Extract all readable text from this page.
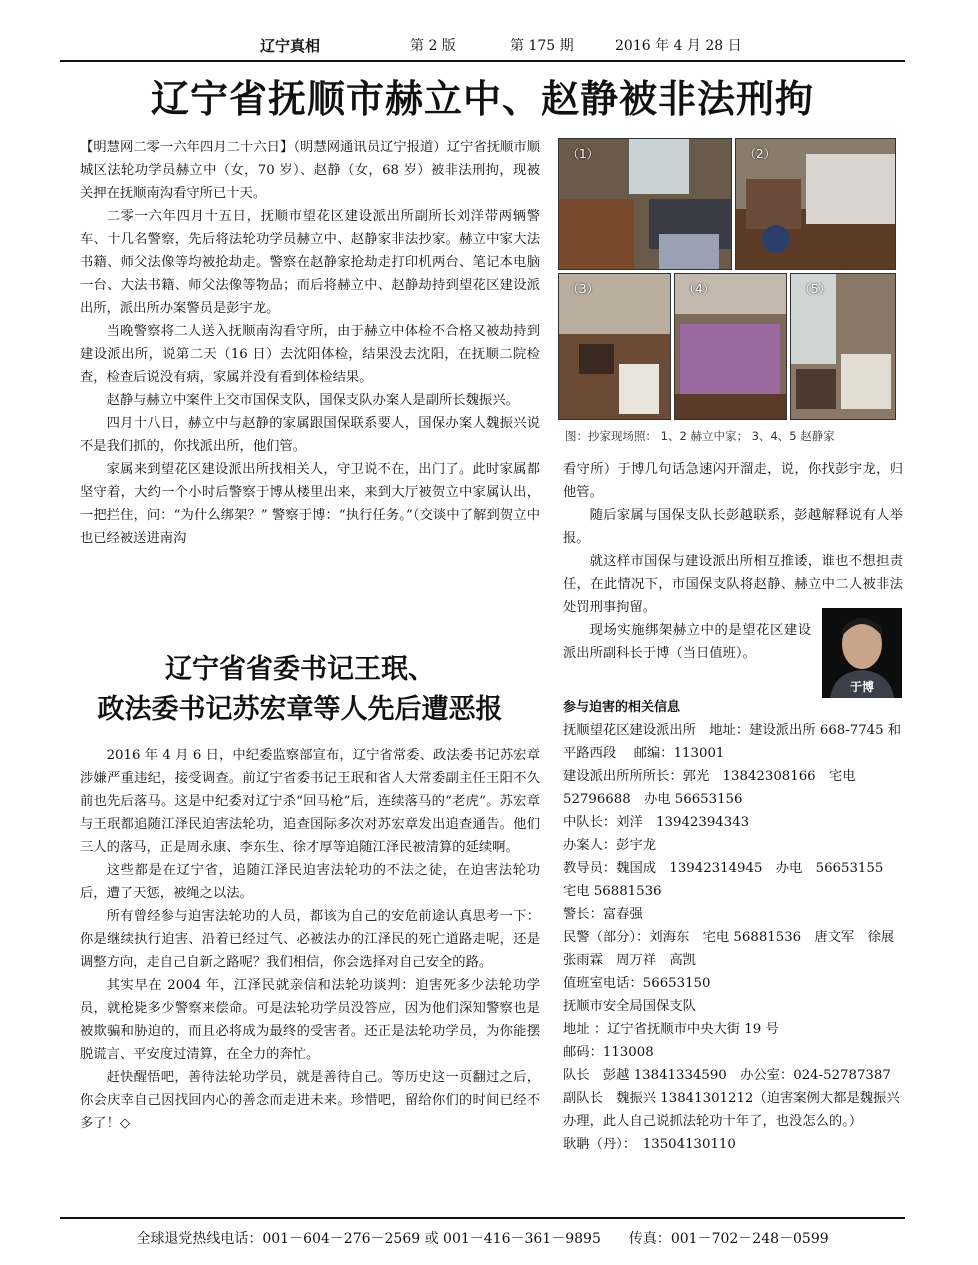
辽宁真相	第 2 版	第 175 期	2016 年 4 月 28 日
辽宁省抚顺市赫立中、赵静被非法刑拘

【明慧网二零一六年四月二十六日】（明慧网通讯员辽宁报道）辽宁省抚顺市顺城区法轮功学员赫立中（女，70 岁）、赵静（女，68 岁）被非法刑拘，现被关押在抚顺南沟看守所已十天。

二零一六年四月十五日，抚顺市望花区建设派出所副所长刘洋带两辆警车、十几名警察，先后将法轮功学员赫立中、赵静家非法抄家。赫立中家大法书籍、师父法像等均被抢劫走。警察在赵静家抢劫走打印机两台、笔记本电脑一台、大法书籍、师父法像等物品；而后将赫立中、赵静劫持到望花区建设派出所，派出所办案警员是彭宇龙。

当晚警察将二人送入抚顺南沟看守所，由于赫立中体检不合格又被劫持到建设派出所，说第二天（16 日）去沈阳体检，结果没去沈阳，在抚顺二院检查，检查后说没有病，家属并没有看到体检结果。

赵静与赫立中案件上交市国保支队，国保支队办案人是副所长魏振兴。

四月十八日，赫立中与赵静的家属跟国保联系要人，国保办案人魏振兴说不是我们抓的，你找派出所，他们管。

家属来到望花区建设派出所找相关人，守卫说不在，出门了。此时家属都坚守着，大约一个小时后警察于博从楼里出来，来到大厅被贺立中家属认出，一把拦住，问：“为什么绑架？” 警察于博：“执行任务。”（交谈中了解到贺立中也已经被送进南沟

（1）	（2）
（3）	（4）	（5）
图：抄家现场照： 1、2 赫立中家； 3、4、5 赵静家

看守所）于博几句话急速闪开溜走，说，你找彭宇龙，归他管。

随后家属与国保支队长彭越联系，彭越解释说有人举报。

就这样市国保与建设派出所相互推诿，谁也不想担责任，在此情况下，市国保支队将赵静、赫立中二人被非法处罚刑事拘留。

现场实施绑架赫立中的是望花区建设派出所副科长于博（当日值班）。

于博
参与迫害的相关信息

抚顺望花区建设派出所　地址：建设派出所 668-7745 和平路西段　 邮编：113001

建设派出所所所长：郭光　13842308166　宅电 52796688　办电 56653156

中队长：刘洋　13942394343

办案人：彭宇龙

教导员：魏国成　13942314945　办电　56653155　宅电 56881536

警长：富春强

民警（部分）：刘海东　宅电 56881536　唐文军　徐展　张雨霖　周万祥　高凯

值班室电话：56653150

抚顺市安全局国保支队

地址 ：辽宁省抚顺市中央大街 19 号

邮码：113008

队长　彭越 13841334590　办公室：024-52787387

副队长　魏振兴 13841301212（迫害案例大都是魏振兴办理，此人自己说抓法轮功十年了，也没怎么的。）

耿聃（丹）：　13504130110

辽宁省省委书记王珉、
政法委书记苏宏章等人先后遭恶报

2016 年 4 月 6 日，中纪委监察部宣布，辽宁省常委、政法委书记苏宏章涉嫌严重违纪，接受调查。前辽宁省委书记王珉和省人大常委副主任王阳不久前也先后落马。这是中纪委对辽宁杀“回马枪”后，连续落马的“老虎”。苏宏章与王珉都追随江泽民迫害法轮功，追查国际多次对苏宏章发出追查通告。他们三人的落马，正是周永康、李东生、徐才厚等追随江泽民被清算的延续啊。

这些都是在辽宁省，追随江泽民迫害法轮功的不法之徒，在迫害法轮功后，遭了天惩，被绳之以法。

所有曾经参与迫害法轮功的人员，都该为自己的安危前途认真思考一下：你是继续执行迫害、沿着已经过气、必被法办的江泽民的死亡道路走呢，还是调整方向，走自己自新之路呢？我们相信，你会选择对自己安全的路。

其实早在 2004 年，江泽民就亲信和法轮功谈判：迫害死多少法轮功学员，就枪毙多少警察来偿命。可是法轮功学员没答应，因为他们深知警察也是被欺骗和胁迫的，而且必将成为最终的受害者。还正是法轮功学员，为你能摆脱谎言、平安度过清算，在全力的奔忙。

赶快醒悟吧，善待法轮功学员，就是善待自己。等历史这一页翻过之后，你会庆幸自己因找回内心的善念而走进未来。珍惜吧，留给你们的时间已经不多了！◇

全球退党热线电话：001－604－276－2569 或 001－416－361－9895　　传真：001－702－248－0599
